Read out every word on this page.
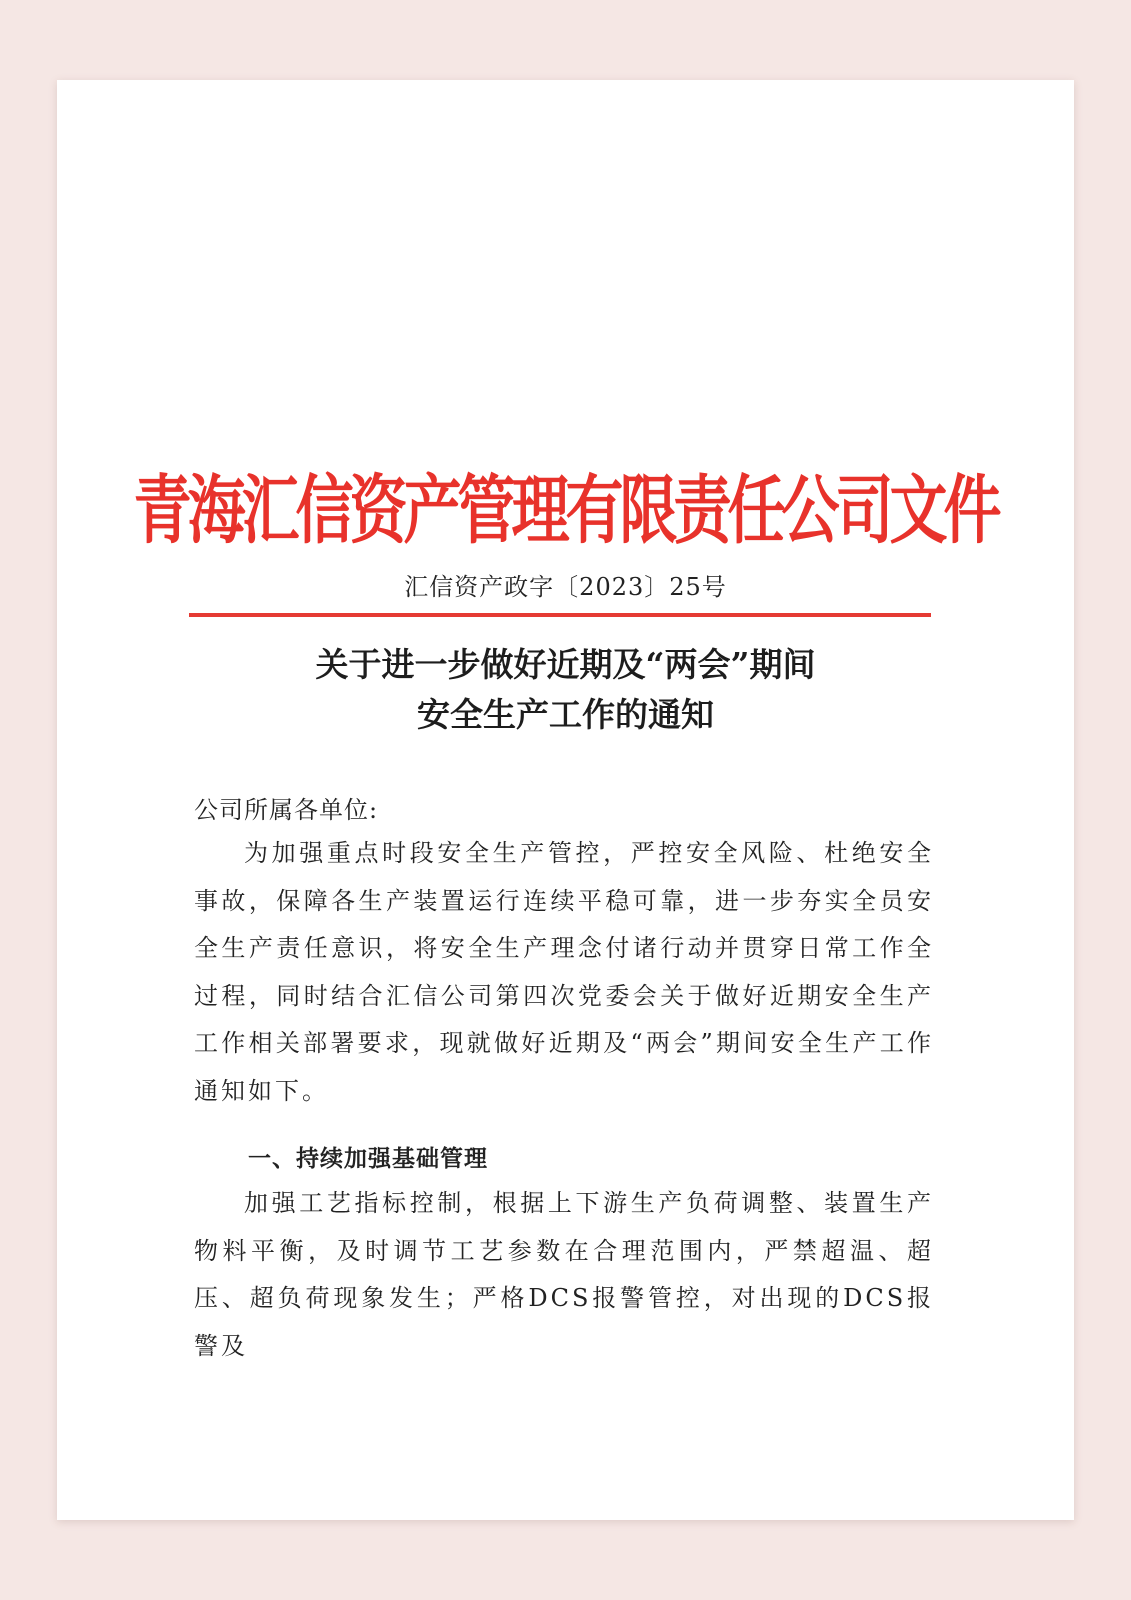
青海汇信资产管理有限责任公司文件
汇信资产政字〔2023〕25号
关于进一步做好近期及“两会”期间
安全生产工作的通知
公司所属各单位:
为加强重点时段安全生产管控，严控安全风险、杜绝安全事故，保障各生产装置运行连续平稳可靠，进一步夯实全员安全生产责任意识，将安全生产理念付诸行动并贯穿日常工作全过程，同时结合汇信公司第四次党委会关于做好近期安全生产工作相关部署要求，现就做好近期及“两会”期间安全生产工作通知如下。
一、持续加强基础管理
加强工艺指标控制，根据上下游生产负荷调整、装置生产物料平衡，及时调节工艺参数在合理范围内，严禁超温、超压、超负荷现象发生；严格DCS报警管控，对出现的DCS报警及
